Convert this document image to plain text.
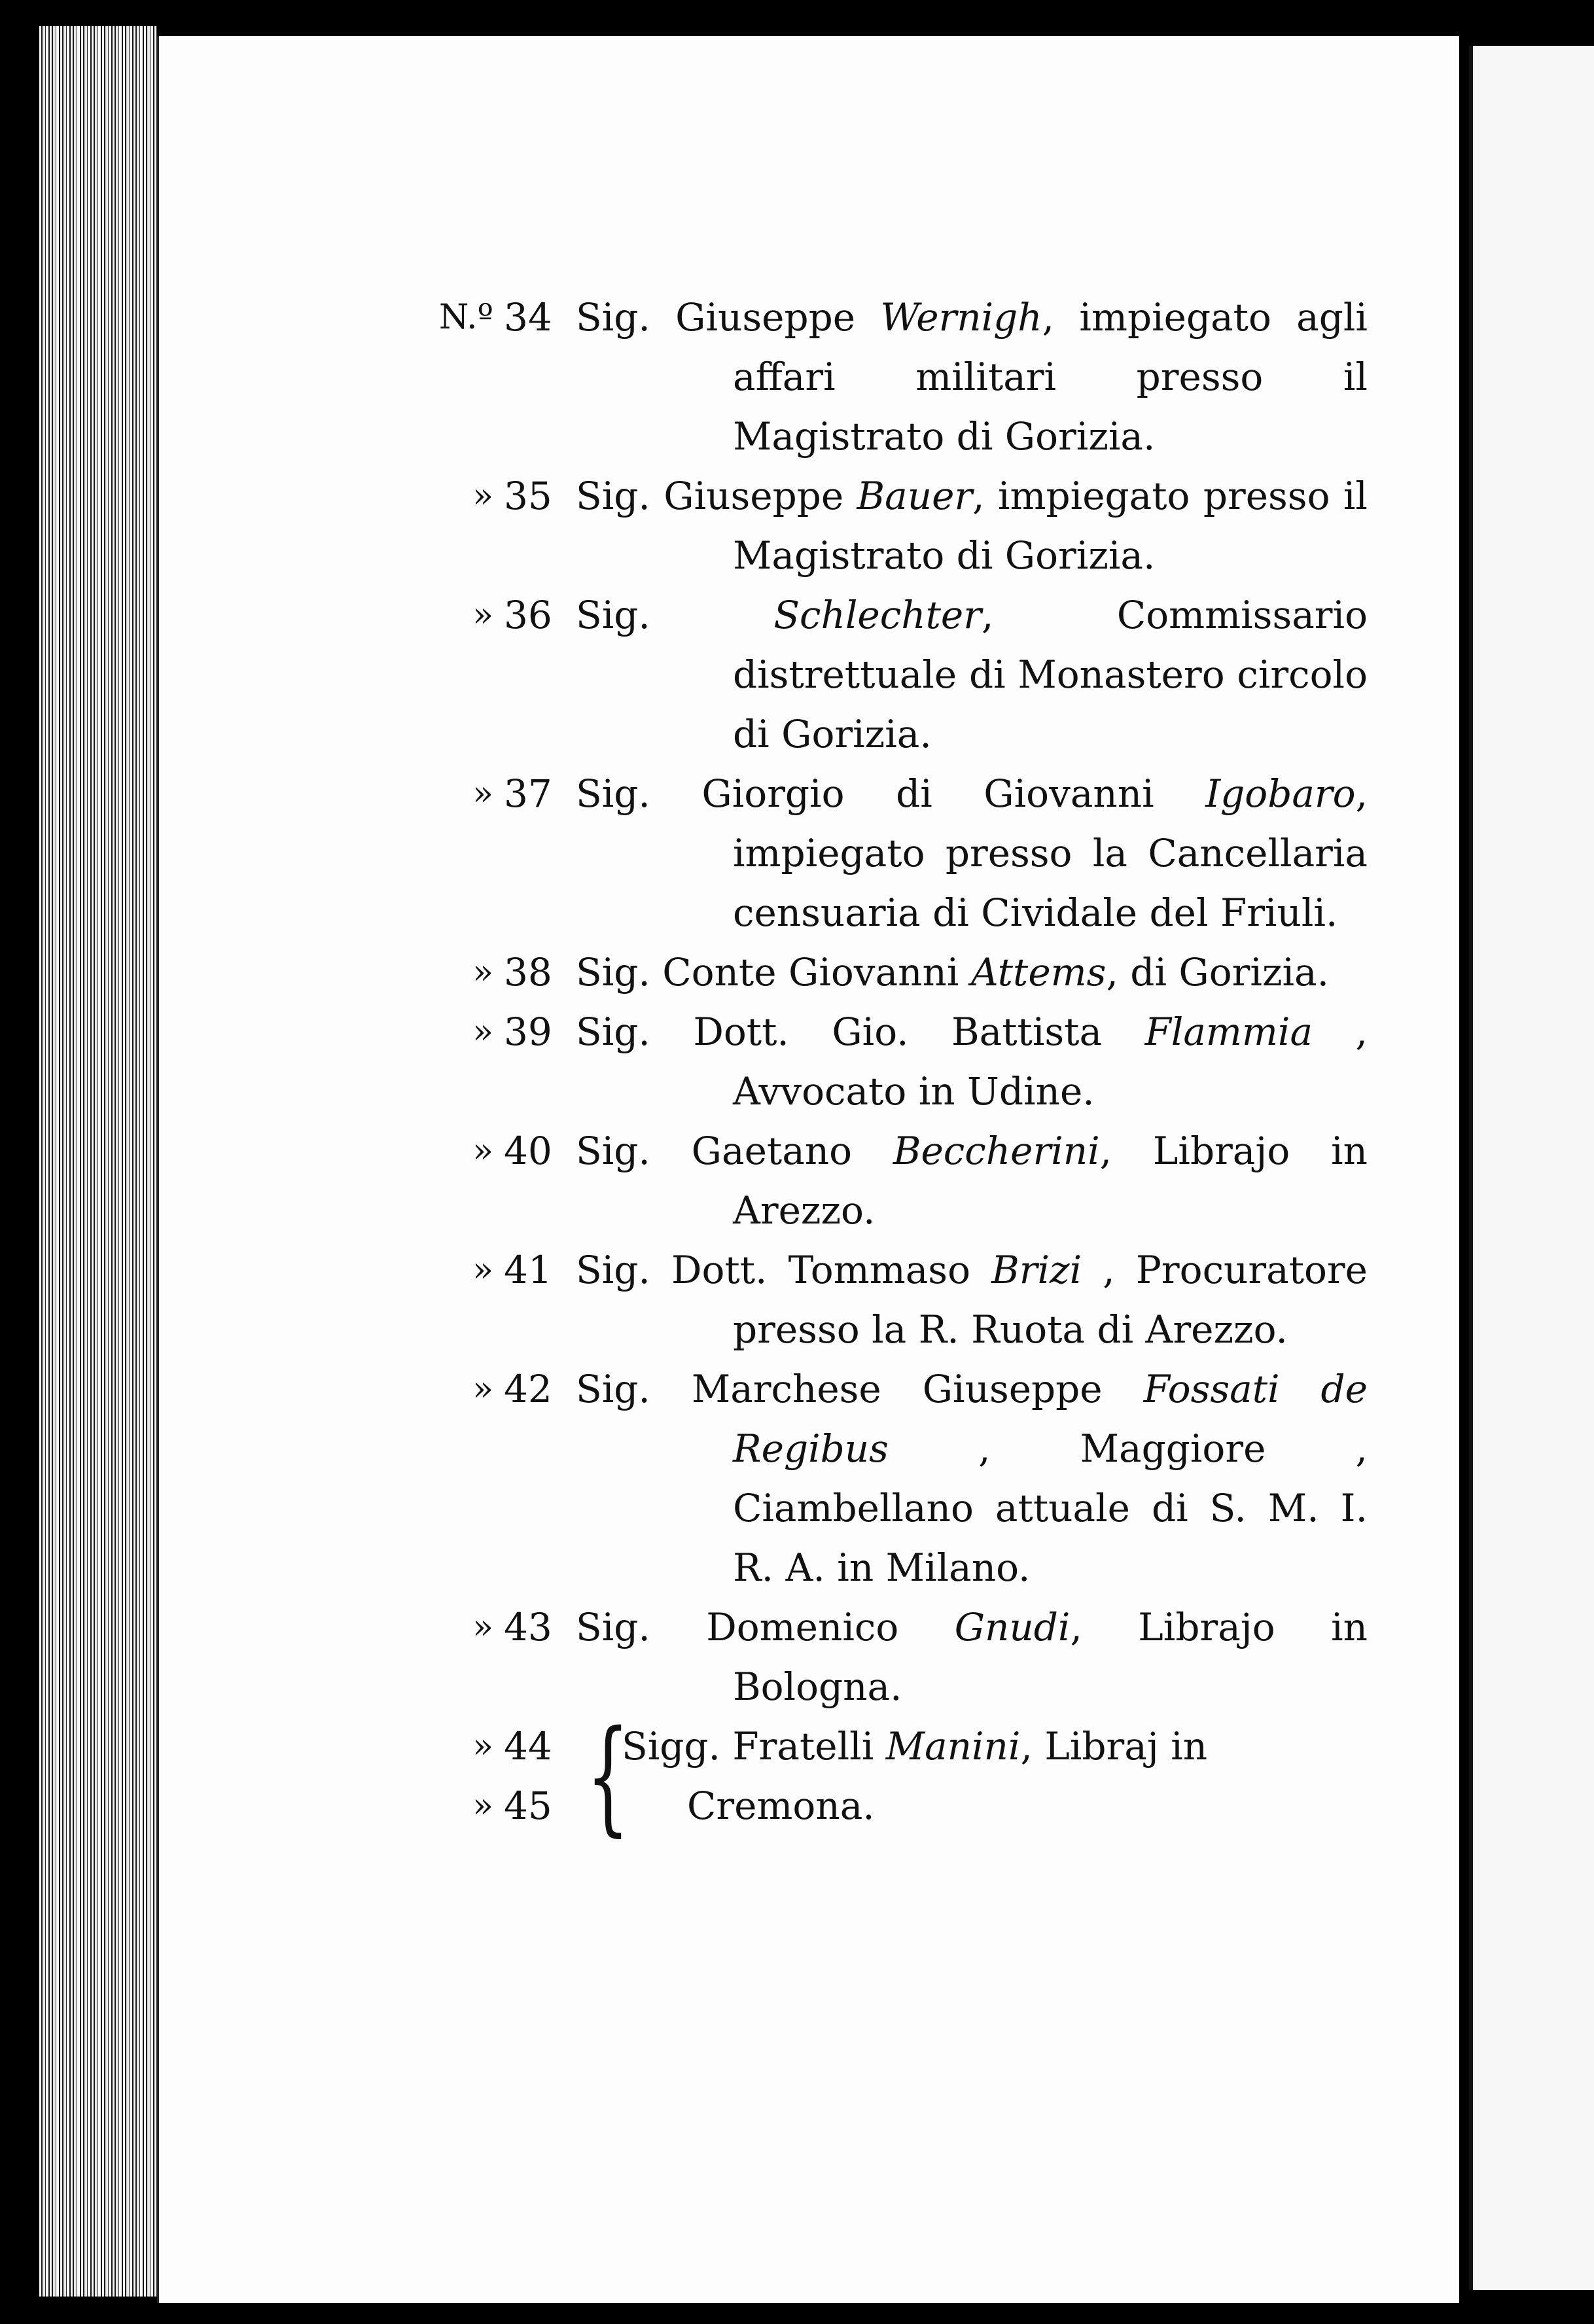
N.º 34 Sig. Giuseppe Wernigh, impiegato agli affari militari presso il Magistrato di Gorizia.
» 35 Sig. Giuseppe Bauer, impiegato presso il Magistrato di Gorizia.
» 36 Sig. Schlechter, Commissario distrettuale di Monastero circolo di Gorizia.
» 37 Sig. Giorgio di Giovanni Igobaro, impiegato presso la Cancellaria censuaria di Cividale del Friuli.
» 38 Sig. Conte Giovanni Attems, di Gorizia.
» 39 Sig. Dott. Gio. Battista Flammia , Avvocato in Udine.
» 40 Sig. Gaetano Beccherini, Librajo in Arezzo.
» 41 Sig. Dott. Tommaso Brizi , Procuratore presso la R. Ruota di Arezzo.
» 42 Sig. Marchese Giuseppe Fossati de Regibus , Maggiore , Ciambellano attuale di S. M. I. R. A. in Milano.
» 43 Sig. Domenico Gnudi, Librajo in Bologna.
»
»
44
45 {
Sigg. Fratelli Manini, Libraj in
Cremona.
